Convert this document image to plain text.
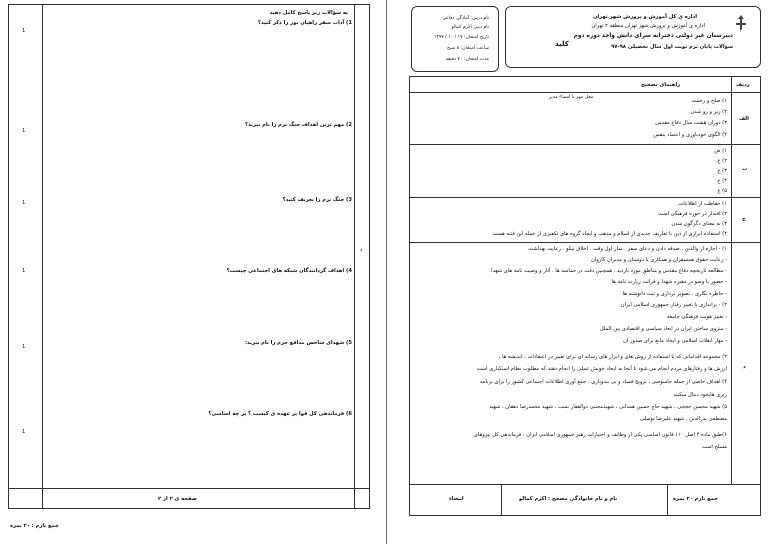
به سؤالات زیر پاسخ کامل دهید
1) آداب سفر راهیان نور را ذکر کنید؟
1
2) مهم ترین اهداف جنگ نرم را نام ببرید؟
1
3) جنگ نرم را تعریف کنید؟
1
4) اهداف گردانندگان شبکه های اجتماعی چیست؟
1
5) شهدای شاخص مدافع حرم را نام ببرید:
1
6) فرماندهی کل قوا بر عهده ی کیست ؟ بر چه اساسی؟
1
د
صفحه ی ۲ از ۲
جمع بارم : ۲۰ نمره
اداره ی کل آموزش و پرورش شهر تهران
اداره ی آموزش و پرورش شهر تهران منطقه ۲ تهران
دبیرستان غیر دولتی دخترانه سرای دانش واحد دوره دوم
کلید	سؤالات پایان ترم نوبت اول سال تحصیلی ۹۸-۹۷
نام درس: آمادگی دفاعی
نام دبیر: اکرم کمالو
تاریخ امتحان: ۱۷ / ۱۰ / ۱۳۹۷
ساعت امتحان: ۸ صبح
مدت امتحان: ۷۰ دقیقه
محل مهر یا امضاء مدیر
ردیف
راهنمای تصحیح
الف
۱) صلح و رحمت
۲) زیر و رو شدن
۳) دوران هشت سال دفاع مقدس
۴) الگوی خودباوری و اعتماد بنفس
ب
۱) ص
۲) غ
۳) غ
۴) غ
۵) غ
ج
۱) حفاظت از اطلاعات
۲) اقتدار در حوزه فرهنگی است
۳) به معنای دگرگون شدن
۴) استفاده ابزاری از دین با تعاریف جدیدی از اسلام و مذهب و ایجاد گروه های تکفیری از جمله این فتنه هست
د
۱) - اجازه از والدین . صدقه دادن و دعای سفر . نماز اول وقت . اخلاق نیکو . رعایت بهداشت
- رعایت حقوق همسفران و همکاری با دوستان و مدیران کاروان
- مطالعه تاریخچه دفاع مقدس و مناطق مورد بازدید . همچنین دقت در حماسه ها . آثار و وصیت نامه های شهدا
- حضور با وضو در مقبره شهدا و قرائت زیارت نامه ها
- خاطره نگاری . تصویر برداری و ثبت دانوشته ها
۲) - براندازی یا تغییر رفتار جمهوری اسلامی ایران
- تغییر هویت فرهنگی جامعه
- منزوی ساختن ایران در ابعاد سیاسی و اقتصادی بین الملل
- مهار انقلاب اسلامی و ایجاد مانع برای صدور آن
۳) مجموعه اقداماتی که با استفاده از روش های و ابزار های رسانه ای برای تغییر در اعتقادات ، اندیشه ها ،
ارزش ها و رفتارهای مردم انجام می شود تا آنجا به ایجاد خوبش عملی را انجام دهند که مطلوب نظام استکباری است
۴) اهداف خاصی از جمله جاسوسی ، ترویج فساد و بی بندوباری ، جمع آوری اطلاعات اجتماعی کشور را برای برنامه
ریزی هایخود دنبال میکنند
۵) شهید محسن حججی ، شهید حاج حسین همدانی ، شهیدمجتبی ذوالفقار نسب ، شهید محمدرضا دهقان ، شهید
مصطفی بدرالدین ، شهید علیرضا توسلی
۶)طبق ماده ۴ اصل ۱۱۰ قانون اساسی یکی از وظایف و اختیارات رهبر جمهوری اسلامی ایران ، فرماندهی کل نیروهای
مسلح است
جمع بارم ۲۰ نمره
نام و نام خانوادگی مصحح : اکرم کمالو
امضاء
